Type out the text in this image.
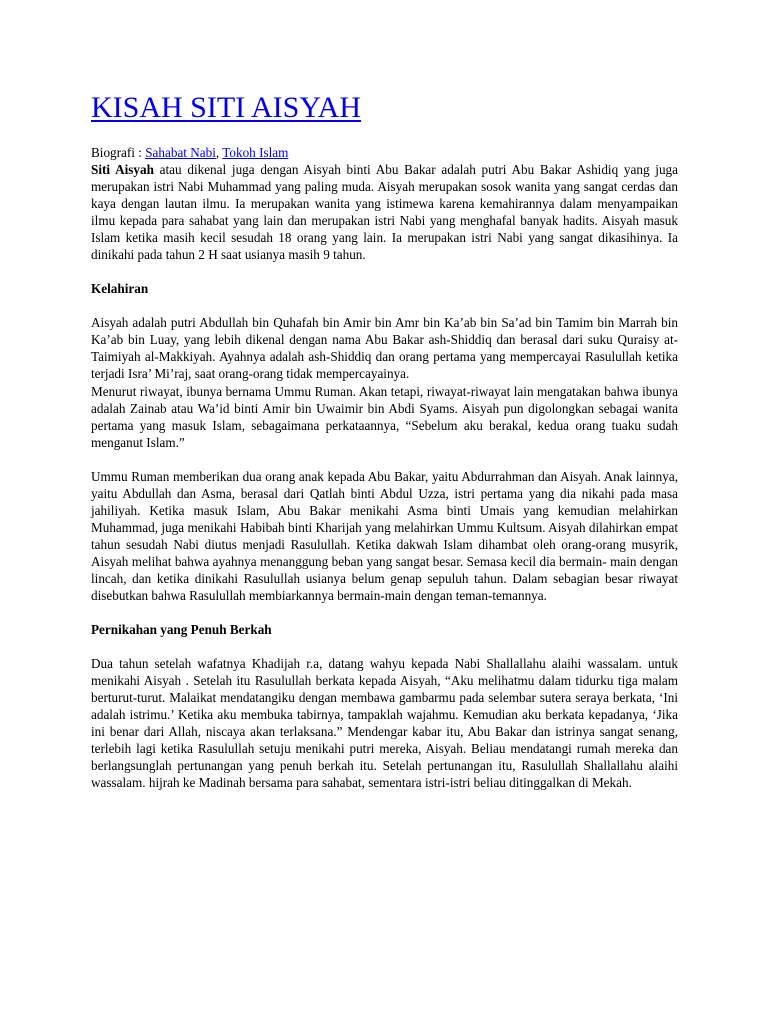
KISAH SITI AISYAH

Biografi : Sahabat Nabi, Tokoh Islam

Siti Aisyah atau dikenal juga dengan Aisyah binti Abu Bakar adalah putri Abu Bakar Ashidiq yang juga merupakan istri Nabi Muhammad yang paling muda. Aisyah merupakan sosok wanita yang sangat cerdas dan kaya dengan lautan ilmu. Ia merupakan wanita yang istimewa karena kemahirannya dalam menyampaikan ilmu kepada para sahabat yang lain dan merupakan istri Nabi yang menghafal banyak hadits. Aisyah masuk Islam ketika masih kecil sesudah 18 orang yang lain. Ia merupakan istri Nabi yang sangat dikasihinya. Ia dinikahi pada tahun 2 H saat usianya masih 9 tahun.

Kelahiran

Aisyah adalah putri Abdullah bin Quhafah bin Amir bin Amr bin Ka’ab bin Sa’ad bin Tamim bin Marrah bin Ka’ab bin Luay, yang lebih dikenal dengan nama Abu Bakar ash-Shiddiq dan berasal dari suku Quraisy at-Taimiyah al-Makkiyah. Ayahnya adalah ash-Shiddiq dan orang pertama yang mempercayai Rasulullah ketika terjadi Isra’ Mi’raj, saat orang-orang tidak mempercayainya.

Menurut riwayat, ibunya bernama Ummu Ruman. Akan tetapi, riwayat-riwayat lain mengatakan bahwa ibunya adalah Zainab atau Wa’id binti Amir bin Uwaimir bin Abdi Syams. Aisyah pun digolongkan sebagai wanita pertama yang masuk Islam, sebagaimana perkataannya, “Sebelum aku berakal, kedua orang tuaku sudah menganut Islam.”

Ummu Ruman memberikan dua orang anak kepada Abu Bakar, yaitu Abdurrahman dan Aisyah. Anak lainnya, yaitu Abdullah dan Asma, berasal dari Qatlah binti Abdul Uzza, istri pertama yang dia nikahi pada masa jahiliyah. Ketika masuk Islam, Abu Bakar menikahi Asma binti Umais yang kemudian melahirkan Muhammad, juga menikahi Habibah binti Kharijah yang melahirkan Ummu Kultsum. Aisyah dilahirkan empat tahun sesudah Nabi diutus menjadi Rasulullah. Ketika dakwah Islam dihambat oleh orang-orang musyrik, Aisyah melihat bahwa ayahnya menanggung beban yang sangat besar. Semasa kecil dia bermain- main dengan lincah, dan ketika dinikahi Rasulullah usianya belum genap sepuluh tahun. Dalam sebagian besar riwayat disebutkan bahwa Rasulullah membiarkannya bermain-main dengan teman-temannya.

Pernikahan yang Penuh Berkah

Dua tahun setelah wafatnya Khadijah r.a, datang wahyu kepada Nabi Shallallahu alaihi wassalam. untuk menikahi Aisyah . Setelah itu Rasulullah berkata kepada Aisyah, “Aku melihatmu dalam tidurku tiga malam berturut-turut. Malaikat mendatangiku dengan membawa gambarmu pada selembar sutera seraya berkata, ‘Ini adalah istrimu.’ Ketika aku membuka tabirnya, tampaklah wajahmu. Kemudian aku berkata kepadanya, ‘Jika ini benar dari Allah, niscaya akan terlaksana.” Mendengar kabar itu, Abu Bakar dan istrinya sangat senang, terlebih lagi ketika Rasulullah setuju menikahi putri mereka, Aisyah. Beliau mendatangi rumah mereka dan berlangsunglah pertunangan yang penuh berkah itu. Setelah pertunangan itu, Rasulullah Shallallahu alaihi wassalam. hijrah ke Madinah bersama para sahabat, sementara istri-istri beliau ditinggalkan di Mekah.
